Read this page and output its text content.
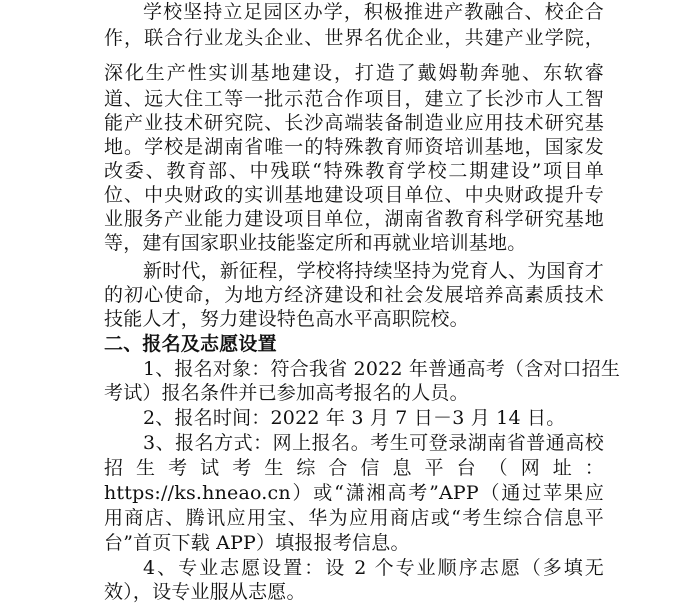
学校坚持立足园区办学，积极推进产教融合、校企合
作，联合行业龙头企业、世界名优企业，共建产业学院，
深化生产性实训基地建设，打造了戴姆勒奔驰、东软睿
道、远大住工等一批示范合作项目，建立了长沙市人工智
能产业技术研究院、长沙高端装备制造业应用技术研究基
地。学校是湖南省唯一的特殊教育师资培训基地，国家发
改委、教育部、中残联“特殊教育学校二期建设”项目单
位、中央财政的实训基地建设项目单位、中央财政提升专
业服务产业能力建设项目单位，湖南省教育科学研究基地
等，建有国家职业技能鉴定所和再就业培训基地。
新时代，新征程，学校将持续坚持为党育人、为国育才
的初心使命，为地方经济建设和社会发展培养高素质技术
技能人才，努力建设特色高水平高职院校。
二、报名及志愿设置
1、报名对象：符合我省 2022 年普通高考（含对口招生
考试）报名条件并已参加高考报名的人员。
2、报名时间：2022 年 3 月 7 日－3 月 14 日。
3、报名方式：网上报名。考生可登录湖南省普通高校
招 生 考 试 考 生 综 合 信 息 平 台 （ 网 址 ：
https://ks.hneao.cn）或“潇湘高考”APP（通过苹果应
用商店、腾讯应用宝、华为应用商店或“考生综合信息平
台”首页下载 APP）填报报考信息。
4、专业志愿设置：设 2 个专业顺序志愿（多填无
效），设专业服从志愿。
